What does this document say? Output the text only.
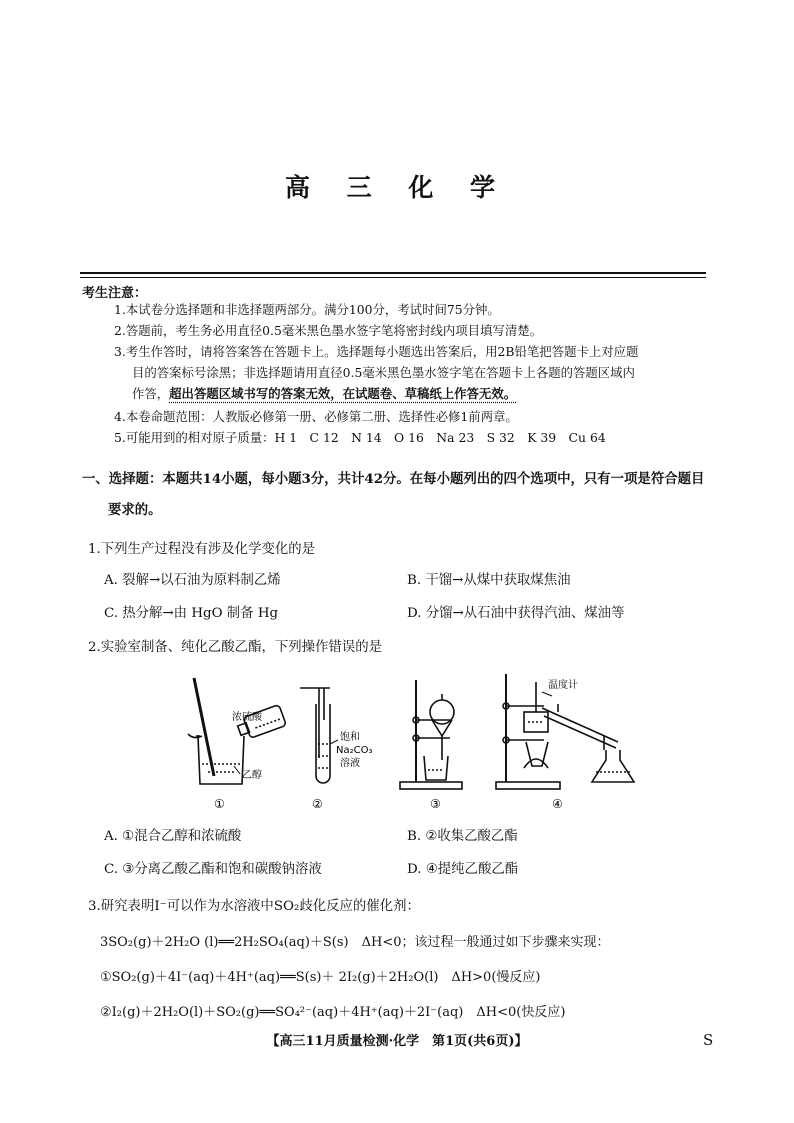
高 三 化 学
考生注意：
1.本试卷分选择题和非选择题两部分。满分100分，考试时间75分钟。
2.答题前，考生务必用直径0.5毫米黑色墨水签字笔将密封线内项目填写清楚。
3.考生作答时，请将答案答在答题卡上。选择题每小题选出答案后，用2B铅笔把答题卡上对应题
目的答案标号涂黑；非选择题请用直径0.5毫米黑色墨水签字笔在答题卡上各题的答题区域内
作答，超出答题区域书写的答案无效，在试题卷、草稿纸上作答无效。
4.本卷命题范围：人教版必修第一册、必修第二册、选择性必修1前两章。
5.可能用到的相对原子质量：H 1　C 12　N 14　O 16　Na 23　S 32　K 39　Cu 64
一、选择题：本题共14小题，每小题3分，共计42分。在每小题列出的四个选项中，只有一项是符合题目
要求的。
1.下列生产过程没有涉及化学变化的是
A. 裂解→以石油为原料制乙烯	B. 干馏→从煤中获取煤焦油
C. 热分解→由 HgO 制备 Hg	D. 分馏→从石油中获得汽油、煤油等
2.实验室制备、纯化乙酸乙酯，下列操作错误的是
浓硫酸
乙醇
饱和
Na₂CO₃
溶液
温度计
①	②	③	④
A. ①混合乙醇和浓硫酸	B. ②收集乙酸乙酯
C. ③分离乙酸乙酯和饱和碳酸钠溶液	D. ④提纯乙酸乙酯
3.研究表明I⁻可以作为水溶液中SO₂歧化反应的催化剂：
3SO₂(g)＋2H₂O (l)══2H₂SO₄(aq)＋S(s)　ΔH<0；该过程一般通过如下步骤来实现：
①SO₂(g)＋4I⁻(aq)＋4H⁺(aq)══S(s)＋ 2I₂(g)＋2H₂O(l)　ΔH>0(慢反应)
②I₂(g)＋2H₂O(l)＋SO₂(g)══SO₄²⁻(aq)＋4H⁺(aq)＋2I⁻(aq)　ΔH<0(快反应)
【高三11月质量检测·化学　第1页(共6页)】	S
